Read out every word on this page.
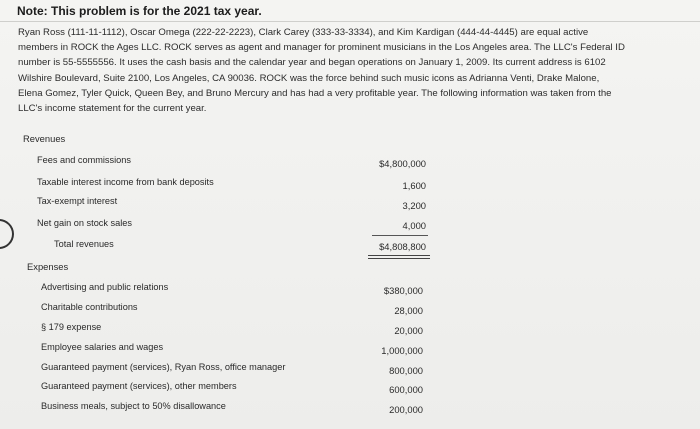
Note: This problem is for the 2021 tax year.

Ryan Ross (111-11-1112), Oscar Omega (222-22-2223), Clark Carey (333-33-3334), and Kim Kardigan (444-44-4445) are equal active
members in ROCK the Ages LLC. ROCK serves as agent and manager for prominent musicians in the Los Angeles area. The LLC's Federal ID
number is 55-5555556. It uses the cash basis and the calendar year and began operations on January 1, 2009. Its current address is 6102
Wilshire Boulevard, Suite 2100, Los Angeles, CA 90036. ROCK was the force behind such music icons as Adrianna Venti, Drake Malone,
Elena Gomez, Tyler Quick, Queen Bey, and Bruno Mercury and has had a very profitable year. The following information was taken from the
LLC's income statement for the current year.

Revenues
Fees and commissions	$4,800,000
Taxable interest income from bank deposits	1,600
Tax-exempt interest	3,200
Net gain on stock sales	4,000
Total revenues	$4,808,800
Expenses
Advertising and public relations	$380,000
Charitable contributions	28,000
§ 179 expense	20,000
Employee salaries and wages	1,000,000
Guaranteed payment (services), Ryan Ross, office manager	800,000
Guaranteed payment (services), other members	600,000
Business meals, subject to 50% disallowance	200,000
